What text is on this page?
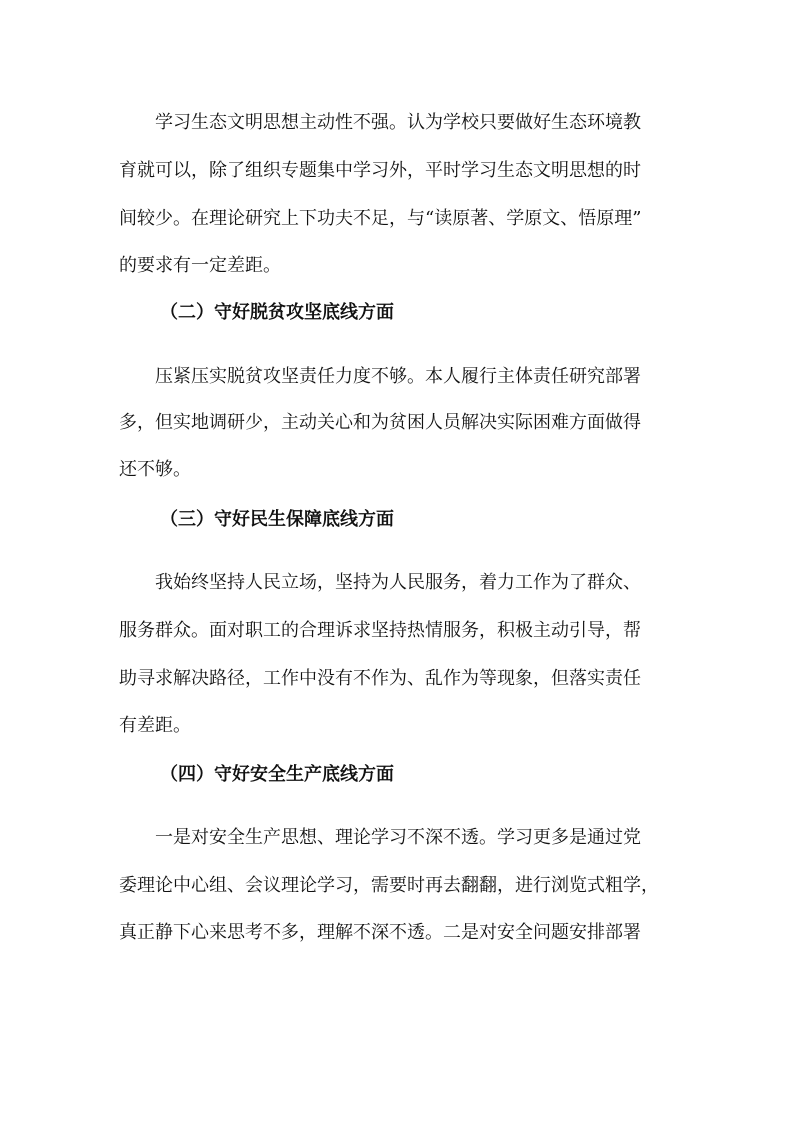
学习生态文明思想主动性不强。认为学校只要做好生态环境教
育就可以，除了组织专题集中学习外，平时学习生态文明思想的时
间较少。在理论研究上下功夫不足，与“读原著、学原文、悟原理”
的要求有一定差距。
（二）守好脱贫攻坚底线方面
压紧压实脱贫攻坚责任力度不够。本人履行主体责任研究部署
多，但实地调研少，主动关心和为贫困人员解决实际困难方面做得
还不够。
（三）守好民生保障底线方面
我始终坚持人民立场，坚持为人民服务，着力工作为了群众、
服务群众。面对职工的合理诉求坚持热情服务，积极主动引导，帮
助寻求解决路径，工作中没有不作为、乱作为等现象，但落实责任
有差距。
（四）守好安全生产底线方面
一是对安全生产思想、理论学习不深不透。学习更多是通过党
委理论中心组、会议理论学习，需要时再去翻翻，进行浏览式粗学，
真正静下心来思考不多，理解不深不透。二是对安全问题安排部署
